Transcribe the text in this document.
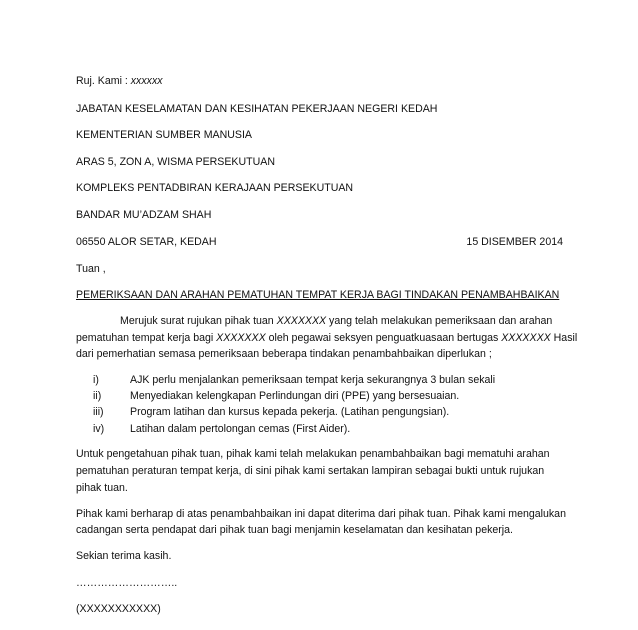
Ruj. Kami : xxxxxx
JABATAN KESELAMATAN DAN KESIHATAN PEKERJAAN NEGERI KEDAH
KEMENTERIAN SUMBER MANUSIA
ARAS 5, ZON A, WISMA PERSEKUTUAN
KOMPLEKS PENTADBIRAN KERAJAAN PERSEKUTUAN
BANDAR MU’ADZAM SHAH
06550 ALOR SETAR, KEDAH	15 DISEMBER 2014
Tuan ,
PEMERIKSAAN DAN ARAHAN PEMATUHAN TEMPAT KERJA BAGI TINDAKAN PENAMBAHBAIKAN
Merujuk surat rujukan pihak tuan XXXXXXX yang telah melakukan pemeriksaan dan arahan
pematuhan tempat kerja bagi XXXXXXX oleh pegawai seksyen penguatkuasaan bertugas XXXXXXX Hasil
dari pemerhatian semasa pemeriksaan beberapa tindakan penambahbaikan diperlukan ;
i)	AJK perlu menjalankan pemeriksaan tempat kerja sekurangnya 3 bulan sekali
ii)	Menyediakan kelengkapan Perlindungan diri (PPE) yang bersesuaian.
iii) Program latihan dan kursus kepada pekerja. (Latihan pengungsian).
iv) Latihan dalam pertolongan cemas (First Aider).
Untuk pengetahuan pihak tuan, pihak kami telah melakukan penambahbaikan bagi mematuhi arahan
pematuhan peraturan tempat kerja, di sini pihak kami sertakan lampiran sebagai bukti untuk rujukan
pihak tuan.
Pihak kami berharap di atas penambahbaikan ini dapat diterima dari pihak tuan. Pihak kami mengalukan
cadangan serta pendapat dari pihak tuan bagi menjamin keselamatan dan kesihatan pekerja.
Sekian terima kasih.
………………………..
(XXXXXXXXXXX)
